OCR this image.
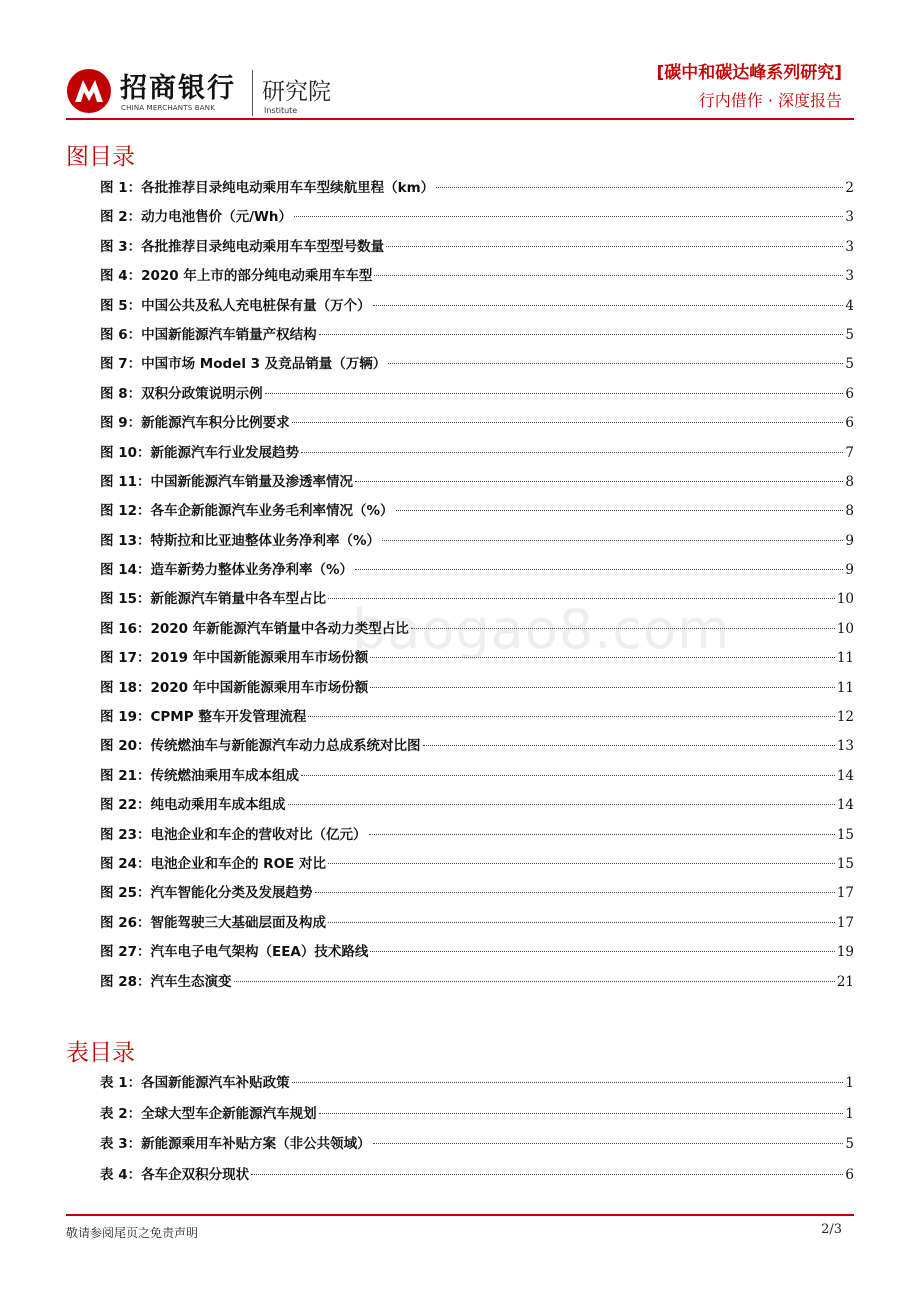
招商银行
CHINA MERCHANTS BANK
研究院
Institute
[碳中和碳达峰系列研究]
行内借作 · 深度报告
图目录
图 1：各批推荐目录纯电动乘用车车型续航里程（km）	2
图 2：动力电池售价（元/Wh）	3
图 3：各批推荐目录纯电动乘用车车型型号数量	3
图 4：2020 年上市的部分纯电动乘用车车型	3
图 5：中国公共及私人充电桩保有量（万个）	4
图 6：中国新能源汽车销量产权结构	5
图 7：中国市场 Model 3 及竞品销量（万辆）	5
图 8：双积分政策说明示例	6
图 9：新能源汽车积分比例要求	6
图 10：新能源汽车行业发展趋势	7
图 11：中国新能源汽车销量及渗透率情况	8
图 12：各车企新能源汽车业务毛利率情况（%）	8
图 13：特斯拉和比亚迪整体业务净利率（%）	9
图 14：造车新势力整体业务净利率（%）	9
图 15：新能源汽车销量中各车型占比	10
图 16：2020 年新能源汽车销量中各动力类型占比	10
图 17：2019 年中国新能源乘用车市场份额	11
图 18：2020 年中国新能源乘用车市场份额	11
图 19：CPMP 整车开发管理流程	12
图 20：传统燃油车与新能源汽车动力总成系统对比图	13
图 21：传统燃油乘用车成本组成	14
图 22：纯电动乘用车成本组成	14
图 23：电池企业和车企的营收对比（亿元）	15
图 24：电池企业和车企的 ROE 对比	15
图 25：汽车智能化分类及发展趋势	17
图 26：智能驾驶三大基础层面及构成	17
图 27：汽车电子电气架构（EEA）技术路线	19
图 28：汽车生态演变	21
表目录
表 1：各国新能源汽车补贴政策	1
表 2：全球大型车企新能源汽车规划	1
表 3：新能源乘用车补贴方案（非公共领域）	5
表 4：各车企双积分现状	6
baogao8.com
敬请参阅尾页之免责声明	2/3
